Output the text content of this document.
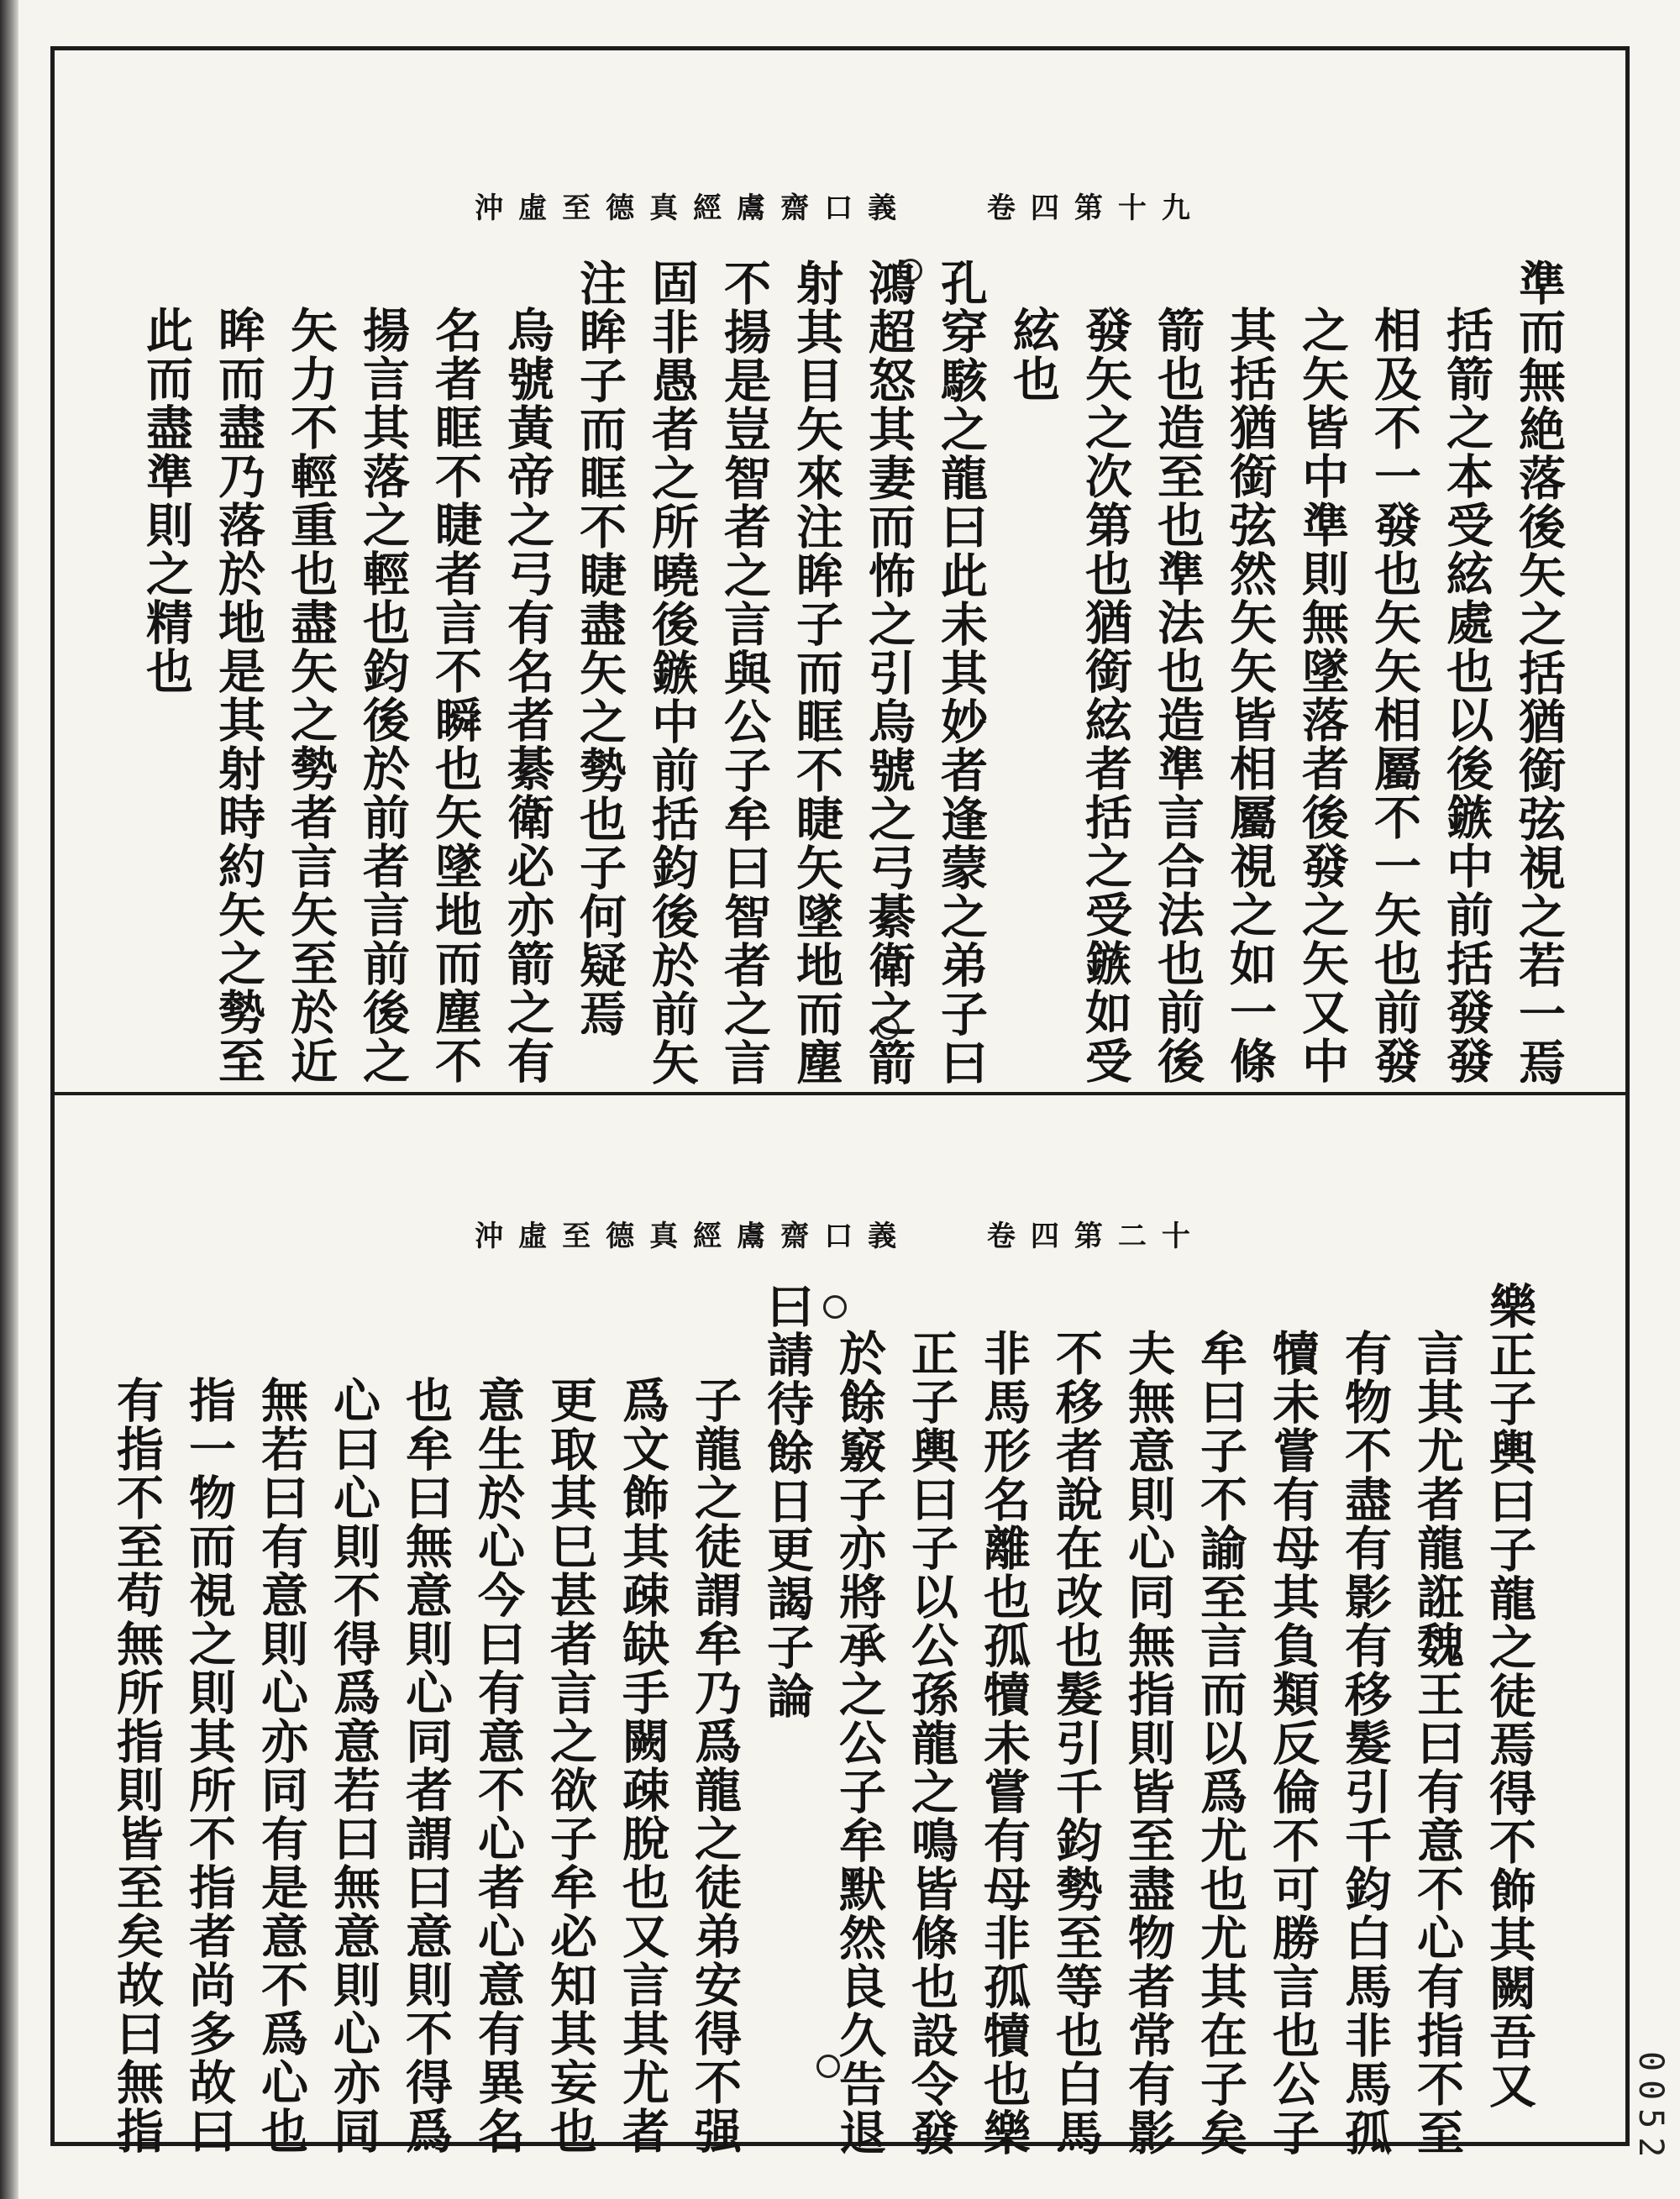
沖虛至德真經鬳齋口義	卷四第十九
準而無絶落後矢之括猶銜弦視之若一焉
括箭之本受絃處也以後鏃中前括發發
相及不一發也矢矢相屬不一矢也前發
之矢皆中準則無墜落者後發之矢又中
其括猶銜弦然矢矢皆相屬視之如一條
箭也造至也準法也造準言合法也前後
發矢之次第也猶銜絃者括之受鏃如受
絃也
孔穿駭之龍曰此未其妙者逢蒙之弟子曰
鴻超怒其妻而怖之引烏號之弓綦衛之箭
射其目矢來注眸子而眶不睫矢墜地而塵
不揚是豈智者之言與公子牟曰智者之言
固非愚者之所曉後鏃中前括鈞後於前矢
注眸子而眶不睫盡矢之勢也子何疑焉
烏號黃帝之弓有名者綦衛必亦箭之有
名者眶不睫者言不瞬也矢墜地而塵不
揚言其落之輕也鈞後於前者言前後之
矢力不輕重也盡矢之勢者言矢至於近
眸而盡乃落於地是其射時約矢之勢至
此而盡準則之精也
沖虛至德真經鬳齋口義	卷四第二十
樂正子輿曰子龍之徒焉得不飾其闕吾又
言其尤者龍誑魏王曰有意不心有指不至
有物不盡有影有移髮引千鈞白馬非馬孤
犢未嘗有母其負類反倫不可勝言也公子
牟曰子不諭至言而以爲尤也尤其在子矣
夫無意則心同無指則皆至盡物者常有影
不移者說在改也髮引千鈞勢至等也白馬
非馬形名離也孤犢未嘗有母非孤犢也樂
正子輿曰子以公孫龍之鳴皆條也設令發
於餘竅子亦將承之公子牟默然良久告退
曰請待餘日更謁子論
子龍之徒謂牟乃爲龍之徒弟安得不强
爲文飾其疎缺手闕疎脫也又言其尤者
更取其巳甚者言之欲子牟必知其妄也
意生於心今曰有意不心者心意有異名
也牟曰無意則心同者謂曰意則不得爲
心曰心則不得爲意若曰無意則心亦同
無若曰有意則心亦同有是意不爲心也
指一物而視之則其所不指者尚多故曰
有指不至苟無所指則皆至矣故曰無指	0052
